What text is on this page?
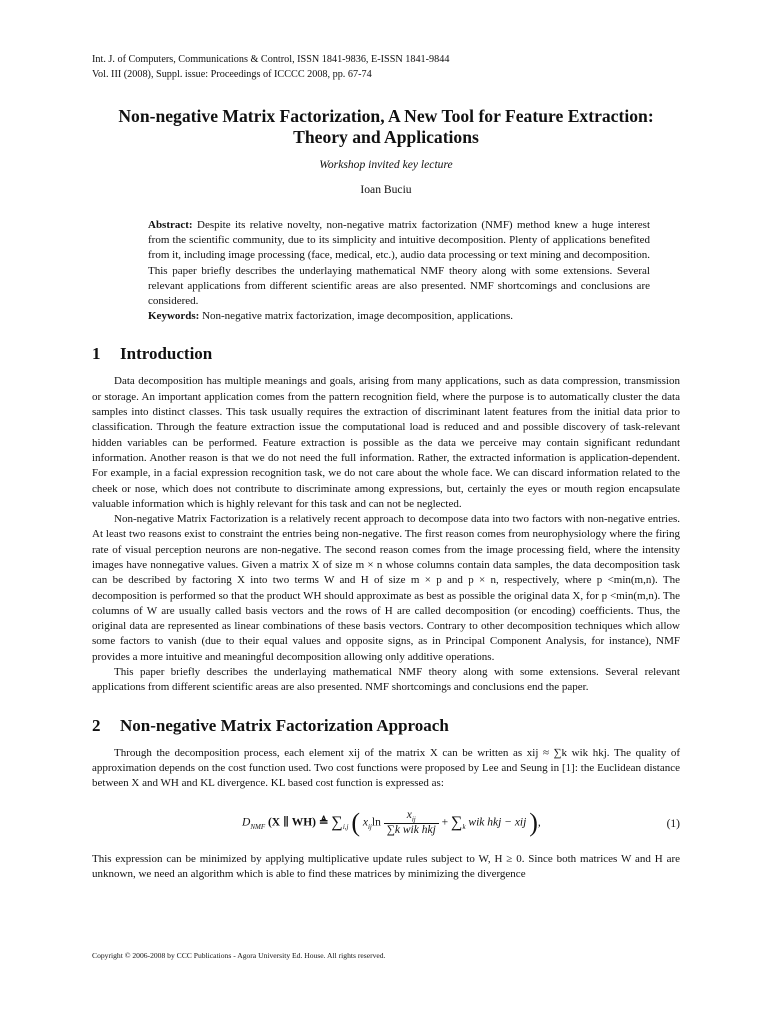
Int. J. of Computers, Communications & Control, ISSN 1841-9836, E-ISSN 1841-9844
Vol. III (2008), Suppl. issue: Proceedings of ICCCC 2008, pp. 67-74
Non-negative Matrix Factorization, A New Tool for Feature Extraction:
Theory and Applications
Workshop invited key lecture
Ioan Buciu
Abstract: Despite its relative novelty, non-negative matrix factorization (NMF) method knew a huge interest from the scientific community, due to its simplicity and intuitive decomposition. Plenty of applications benefited from it, including image processing (face, medical, etc.), audio data processing or text mining and decomposition. This paper briefly describes the underlaying mathematical NMF theory along with some extensions. Several relevant applications from different scientific areas are also presented. NMF shortcomings and conclusions are considered.
Keywords: Non-negative matrix factorization, image decomposition, applications.
1 Introduction

Data decomposition has multiple meanings and goals, arising from many applications, such as data compression, transmission or storage. An important application comes from the pattern recognition field, where the purpose is to automatically cluster the data samples into distinct classes. This task usually requires the extraction of discriminant latent features from the initial data prior to classification. Through the feature extraction issue the computational load is reduced and and possible discovery of task-relevant hidden variables can be performed. Feature extraction is possible as the data we perceive may contain significant redundant information. Another reason is that we do not need the full information. Rather, the extracted information is application-dependent. For example, in a facial expression recognition task, we do not care about the whole face. We can discard information related to the cheek or nose, which does not contribute to discriminate among expressions, but, certainly the eyes or mouth region encapsulate valuable information which is highly relevant for this task and can not be neglected.

Non-negative Matrix Factorization is a relatively recent approach to decompose data into two factors with non-negative entries. At least two reasons exist to constraint the entries being non-negative. The first reason comes from neurophysiology where the firing rate of visual perception neurons are non-negative. The second reason comes from the image processing field, where the intensity images have nonnegative values. Given a matrix X of size m × n whose columns contain data samples, the data decomposition task can be described by factoring X into two terms W and H of size m × p and p × n, respectively, where p <min(m,n). The decomposition is performed so that the product WH should approximate as best as possible the original data X, for p <min(m,n). The columns of W are usually called basis vectors and the rows of H are called decomposition (or encoding) coefficients. Thus, the original data are represented as linear combinations of these basis vectors. Contrary to other decomposition techniques which allow some factors to vanish (due to their equal values and opposite signs, as in Principal Component Analysis, for instance), NMF provides a more intuitive and meaningful decomposition allowing only additive operations.

This paper briefly describes the underlaying mathematical NMF theory along with some extensions. Several relevant applications from different scientific areas are also presented. NMF shortcomings and conclusions end the paper.

2 Non-negative Matrix Factorization Approach

Through the decomposition process, each element xij of the matrix X can be written as xij ≈ ∑k wik hkj. The quality of approximation depends on the cost function used. Two cost functions were proposed by Lee and Seung in [1]: the Euclidean distance between X and WH and KL divergence. KL based cost function is expressed as:

$D_{NMF}$ (X ∥ WH) ≜ $\sum_{i,j}$ ( $x_{ij}\ln \frac{x_{ij}}{\text{∑k wik hkj}} + \sum_k$ wik hkj − xij ),	(1)

This expression can be minimized by applying multiplicative update rules subject to W, H ≥ 0. Since both matrices W and H are unknown, we need an algorithm which is able to find these matrices by minimizing the divergence

Copyright © 2006-2008 by CCC Publications - Agora University Ed. House. All rights reserved.
